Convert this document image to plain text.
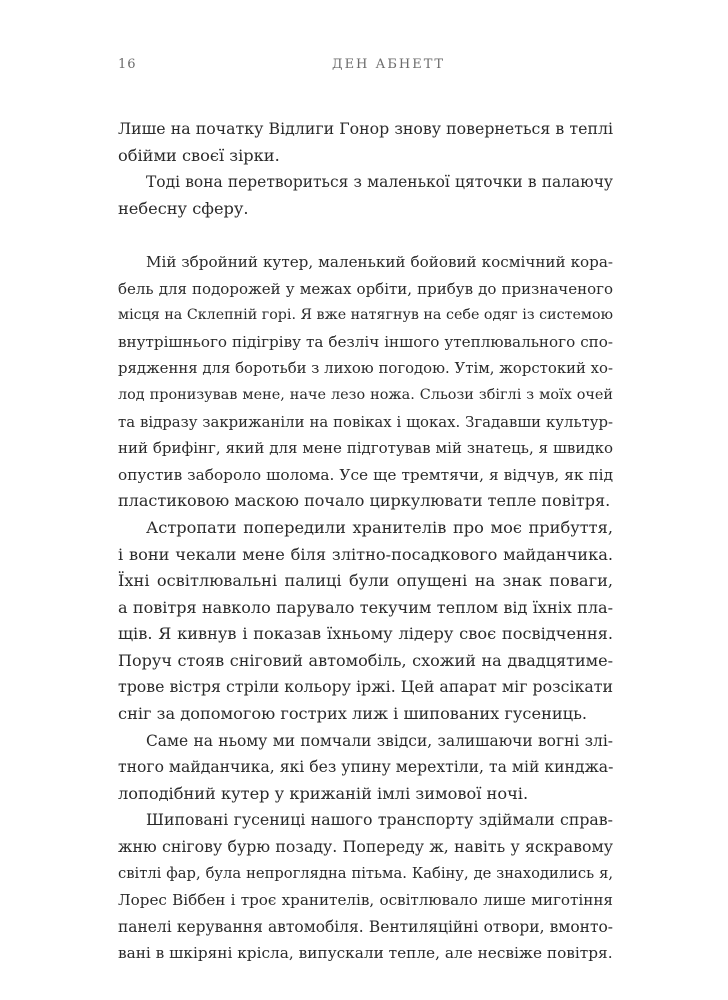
16	ДЕН АБНЕТТ
Лише на початку Відлиги Гонор знову повернеться в теплі
обійми своєї зірки.
Тоді вона перетвориться з маленької цяточки в палаючу
небесну сферу.
Мій збройний кутер, маленький бойовий космічний кора-
бель для подорожей у межах орбіти, прибув до призначеного
місця на Склепній горі. Я вже натягнув на себе одяг із системою
внутрішнього підігріву та безліч іншого утеплювального спо-
рядження для боротьби з лихою погодою. Утім, жорстокий хо-
лод пронизував мене, наче лезо ножа. Сльози збіглі з моїх очей
та відразу закрижаніли на повіках і щоках. Згадавши культур-
ний брифінг, який для мене підготував мій знатець, я швидко
опустив забороло шолома. Усе ще тремтячи, я відчув, як під
пластиковою маскою почало циркулювати тепле повітря.
Астропати попередили хранителів про моє прибуття,
і вони чекали мене біля злітно-посадкового майданчика.
Їхні освітлювальні палиці були опущені на знак поваги,
а повітря навколо парувало текучим теплом від їхніх пла-
щів. Я кивнув і показав їхньому лідеру своє посвідчення.
Поруч стояв сніговий автомобіль, схожий на двадцятиме-
трове вістря стріли кольору іржі. Цей апарат міг розсікати
сніг за допомогою гострих лиж і шипованих гусениць.
Саме на ньому ми помчали звідси, залишаючи вогні злі-
тного майданчика, які без упину мерехтіли, та мій кинджа-
лоподібний кутер у крижаній імлі зимової ночі.
Шиповані гусениці нашого транспорту здіймали справ-
жню снігову бурю позаду. Попереду ж, навіть у яскравому
світлі фар, була непроглядна пітьма. Кабіну, де знаходились я,
Лорес Віббен і троє хранителів, освітлювало лише миготіння
панелі керування автомобіля. Вентиляційні отвори, вмонто-
вані в шкіряні крісла, випускали тепле, але несвіже повітря.
